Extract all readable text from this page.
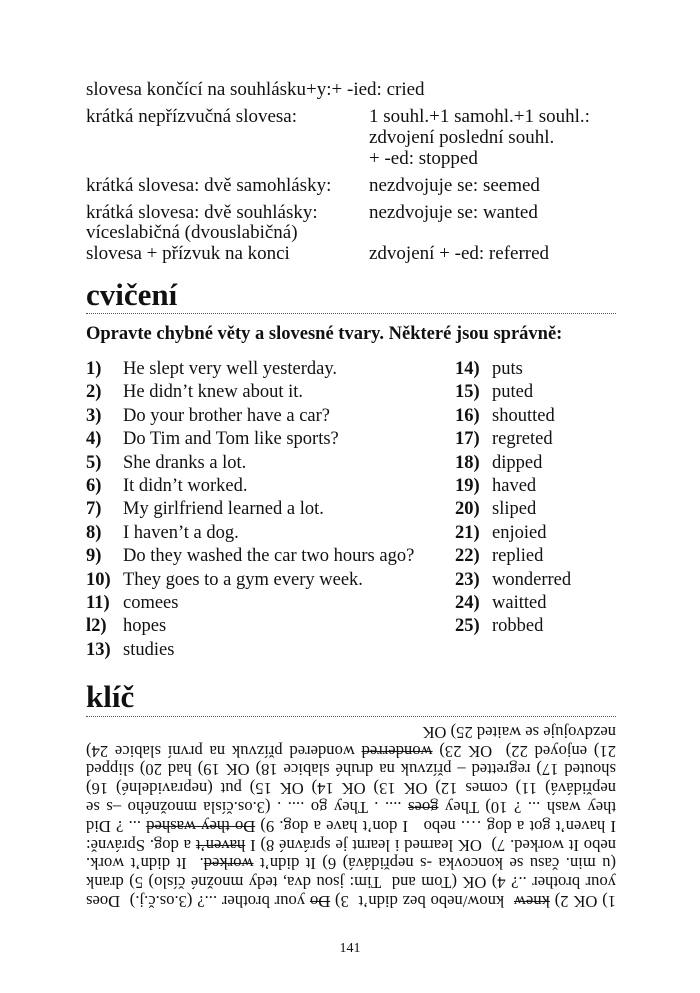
slovesa končící na souhlásku+y:+ -ied: cried
krátká nepřízvučná slovesa:	1 souhl.+1 samohl.+1 souhl.:
zdvojení poslední souhl.
+ -ed: stopped
krátká slovesa: dvě samohlásky: nezdvojuje se: seemed
krátká slovesa: dvě souhlásky:	nezdvojuje se: wanted
víceslabičná (dvouslabičná)
slovesa + přízvuk na konci	zdvojení + -ed: referred
cvičení
Opravte chybné věty a slovesné tvary. Některé jsou správně:
1) He slept very well yesterday.
2) He didn’t knew about it.
3) Do your brother have a car?
4) Do Tim and Tom like sports?
5) She dranks a lot.
6) It didn’t worked.
7) My girlfriend learned a lot.
8) I haven’t a dog.
9) Do they washed the car two hours ago?
10) They goes to a gym every week.
11) comees
l2) hopes
13) studies
14) puts
15) puted
16) shoutted
17) regreted
18) dipped
19) haved
20) sliped
21) enjoied
22) replied
23) wonderred
24) waitted
25) robbed
klíč
1) OK 2) knew  know/nebo bez didn’t  3) Do your brother ...? (3.os.č.j.)  Does
your brother ..? 4) OK (Tom and  Tim: jsou dva, tedy množné číslo) 5) drank
(u min. času se koncovka -s nepřidává) 6) It didn’t worked.  It didn’t work.
nebo It worked. 7)  OK learned i learnt je správné 8) I haven’t a dog. Správně:
I haven’t got a dog …. nebo   I don’t have a dog. 9) Do they washed ... ? Did
they wash ... ? 10) They goes .... . They go .... . (3.os.čísla množného –s se
nepřidává) 11) comes 12) OK 13) OK 14) OK 15) put (nepravidelné) 16)
shouted 17) regretted – přízvuk na druhé slabice 18) OK 19) had 20) slipped
21) enjoyed 22)  OK 23) wonderred wondered přízvuk na první slabice 24)
nezdvojuje se waited 25) OK
141
